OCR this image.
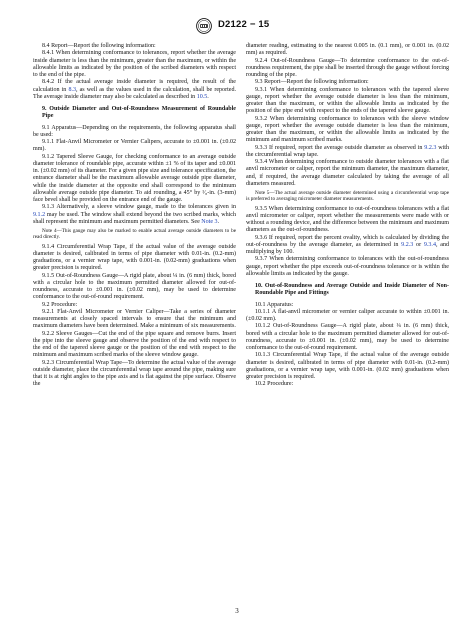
D2122 − 15

8.4 Report—Report the following information:

8.4.1 When determining conformance to tolerances, report whether the average inside diameter is less than the minimum, greater than the maximum, or within the allowable limits as indicated by the position of the scribed diameters with respect to the end of the pipe.

8.4.2 If the actual average inside diameter is required, the result of the calculation in 8.3, as well as the values used in the calculation, shall be reported. The average inside diameter may also be calculated as described in 10.5.

9. Outside Diameter and Out-of-Roundness Measurement of Roundable Pipe

9.1 Apparatus—Depending on the requirements, the following apparatus shall be used:

9.1.1 Flat-Anvil Micrometer or Vernier Calipers, accurate to ±0.001 in. (±0.02 mm).

9.1.2 Tapered Sleeve Gauge, for checking conformance to an average outside diameter tolerance of roundable pipe, accurate within ±1 % of its taper and ±0.001 in. (±0.02 mm) of its diameter. For a given pipe size and tolerance specification, the entrance diameter shall be the maximum allowable average outside pipe diameter, while the inside diameter at the opposite end shall correspond to the minimum allowable average outside pipe diameter. To aid rounding, a 45° by ¹⁄₈-in. (3-mm) face bevel shall be provided on the entrance end of the gauge.

9.1.3 Alternatively, a sleeve window gauge, made to the tolerances given in 9.1.2 may be used. The window shall extend beyond the two scribed marks, which shall represent the minimum and maximum permitted diameters. See Note 3.

Note 4—This gauge may also be marked to enable actual average outside diameters to be read directly.

9.1.4 Circumferential Wrap Tape, if the actual value of the average outside diameter is desired, calibrated in terms of pipe diameter with 0.01-in. (0.2-mm) graduations, or a vernier wrap tape, with 0.001-in. (0.02-mm) graduations when greater precision is required.

9.1.5 Out-of-Roundness Gauge—A rigid plate, about ¼ in. (6 mm) thick, bored with a circular hole to the maximum permitted diameter allowed for out-of-roundness, accurate to ±0.001 in. (±0.02 mm), may be used to determine conformance to the out-of-round requirement.

9.2 Procedure:

9.2.1 Flat-Anvil Micrometer or Vernier Caliper—Take a series of diameter measurements at closely spaced intervals to ensure that the minimum and maximum diameters have been determined. Make a minimum of six measurements.

9.2.2 Sleeve Gauges—Cut the end of the pipe square and remove burrs. Insert the pipe into the sleeve gauge and observe the position of the end with respect to the end of the tapered sleeve gauge or the position of the end with respect to the minimum and maximum scribed marks of the sleeve window gauge.

9.2.3 Circumferential Wrap Tape—To determine the actual value of the average outside diameter, place the circumferential wrap tape around the pipe, making sure that it is at right angles to the pipe axis and is flat against the pipe surface. Observe the

diameter reading, estimating to the nearest 0.005 in. (0.1 mm), or 0.001 in. (0.02 mm) as required.

9.2.4 Out-of-Roundness Gauge—To determine conformance to the out-of-roundness requirement, the pipe shall be inserted through the gauge without forcing rounding of the pipe.

9.3 Report—Report the following information:

9.3.1 When determining conformance to tolerances with the tapered sleeve gauge, report whether the average outside diameter is less than the minimum, greater than the maximum, or within the allowable limits as indicated by the position of the pipe end with respect to the ends of the tapered sleeve gauge.

9.3.2 When determining conformance to tolerances with the sleeve window gauge, report whether the average outside diameter is less than the minimum, greater than the maximum, or within the allowable limits as indicated by the minimum and maximum scribed marks.

9.3.3 If required, report the average outside diameter as observed in 9.2.3 with the circumferential wrap tape.

9.3.4 When determining conformance to outside diameter tolerances with a flat anvil micrometer or caliper, report the minimum diameter, the maximum diameter, and, if required, the average diameter calculated by taking the average of all diameters measured.

Note 5—The actual average outside diameter determined using a circumferential wrap tape is preferred to averaging micrometer diameter measurements.

9.3.5 When determining conformance to out-of-roundness tolerances with a flat anvil micrometer or caliper, report whether the measurements were made with or without a rounding device, and the difference between the minimum and maximum diameters as the out-of-roundness.

9.3.6 If required, report the percent ovality, which is calculated by dividing the out-of-roundness by the average diameter, as determined in 9.2.3 or 9.3.4, and multiplying by 100.

9.3.7 When determining conformance to tolerances with the out-of-roundness gauge, report whether the pipe exceeds out-of-roundness tolerance or is within the allowable limits as indicated by the gauge.

10. Out-of-Roundness and Average Outside and Inside Diameter of Non-Roundable Pipe and Fittings

10.1 Apparatus:

10.1.1 A flat-anvil micrometer or vernier caliper accurate to within ±0.001 in. (±0.02 mm).

10.1.2 Out-of-Roundness Gauge—A rigid plate, about ¼ in. (6 mm) thick, bored with a circular hole to the maximum permitted diameter allowed for out-of-roundness, accurate to ±0.001 in. (±0.02 mm), may be used to determine conformance to the out-of-round requirement.

10.1.3 Circumferential Wrap Tape, if the actual value of the average outside diameter is desired, calibrated in terms of pipe diameter with 0.01-in. (0.2-mm) graduations, or a vernier wrap tape, with 0.001-in. (0.02 mm) graduations when greater precision is required.

10.2 Procedure:

3
